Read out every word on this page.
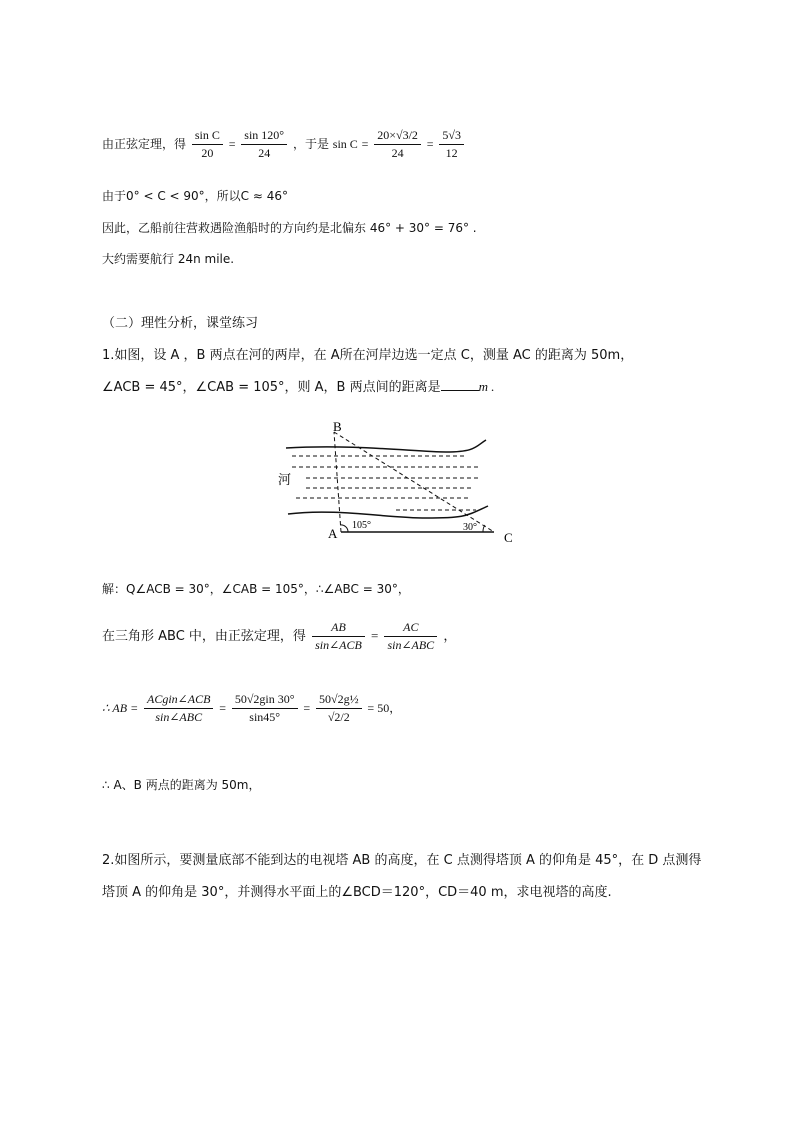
由正弦定理，得 $\frac{\text{sin C}}{20} = \frac{\sin 120^\circ}{24}$ ，于是 $\sin C = \frac{20\times√3/2}{24} = \frac{5√3}{12}$
由于0° < C < 90°，所以C ≈ 46°
因此，乙船前往营救遇险渔船时的方向约是北偏东 46° + 30° = 76° .
大约需要航行 24n mile.
（二）理性分析，课堂练习
1.如图，设 A ，B 两点在河的两岸，在 A所在河岸边选一定点 C，测量 AC 的距离为 50m，
∠ACB = 45°，∠CAB = 105°，则 A，B 两点间的距离是	m .
B
A	C
河
105°	30°
解：Q∠ACB = 30°，∠CAB = 105°，∴∠ABC = 30°，
在三角形 ABC 中，由正弦定理，得 $\frac{AB}{\text{sin∠ACB}} = \frac{AC}{\text{sin∠ABC}}$ ，
∴ AB = $\frac{\text{ACgin∠ACB}}{\text{sin∠ABC}} = \frac{\text{50√2gin 30°}}{\sin 45^\circ} = \frac{\text{50√2g½}}{√2/2} = 50$，
∴ A、B 两点的距离为 50m，
2.如图所示，要测量底部不能到达的电视塔 AB 的高度，在 C 点测得塔顶 A 的仰角是 45°，在 D 点测得
塔顶 A 的仰角是 30°，并测得水平面上的∠BCD＝120°，CD＝40 m，求电视塔的高度.
